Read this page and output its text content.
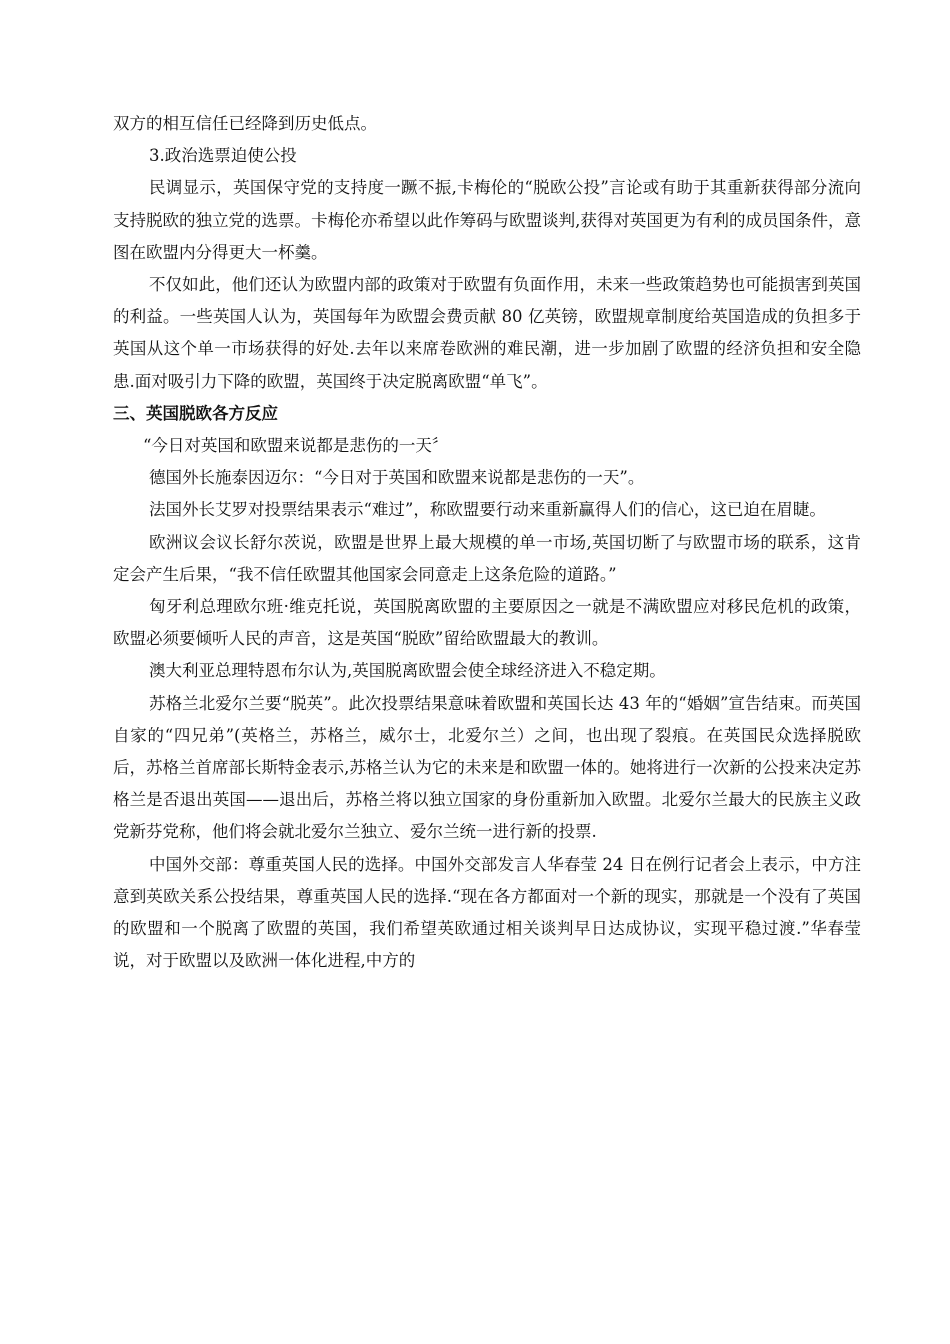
双方的相互信任已经降到历史低点。

3.政治选票迫使公投

民调显示，英国保守党的支持度一蹶不振,卡梅伦的“脱欧公投”言论或有助于其重新获得部分流向支持脱欧的独立党的选票。卡梅伦亦希望以此作筹码与欧盟谈判,获得对英国更为有利的成员国条件，意图在欧盟内分得更大一杯羹。

不仅如此，他们还认为欧盟内部的政策对于欧盟有负面作用，未来一些政策趋势也可能损害到英国的利益。一些英国人认为，英国每年为欧盟会费贡献 80 亿英镑，欧盟规章制度给英国造成的负担多于英国从这个单一市场获得的好处.去年以来席卷欧洲的难民潮，进一步加剧了欧盟的经济负担和安全隐患.面对吸引力下降的欧盟，英国终于决定脱离欧盟“单飞”。

三、英国脱欧各方反应

“今日对英国和欧盟来说都是悲伤的一天〞

德国外长施泰因迈尔：“今日对于英国和欧盟来说都是悲伤的一天”。

法国外长艾罗对投票结果表示“难过”，称欧盟要行动来重新赢得人们的信心，这已迫在眉睫。

欧洲议会议长舒尔茨说，欧盟是世界上最大规模的单一市场,英国切断了与欧盟市场的联系，这肯定会产生后果，“我不信任欧盟其他国家会同意走上这条危险的道路。”

匈牙利总理欧尔班·维克托说，英国脱离欧盟的主要原因之一就是不满欧盟应对移民危机的政策，欧盟必须要倾听人民的声音，这是英国“脱欧”留给欧盟最大的教训。

澳大利亚总理特恩布尔认为,英国脱离欧盟会使全球经济进入不稳定期。

苏格兰北爱尔兰要“脱英”。此次投票结果意味着欧盟和英国长达 43 年的“婚姻”宣告结束。而英国自家的“四兄弟”(英格兰，苏格兰，威尔士，北爱尔兰）之间，也出现了裂痕。在英国民众选择脱欧后，苏格兰首席部长斯特金表示,苏格兰认为它的未来是和欧盟一体的。她将进行一次新的公投来决定苏格兰是否退出英国——退出后，苏格兰将以独立国家的身份重新加入欧盟。北爱尔兰最大的民族主义政党新芬党称，他们将会就北爱尔兰独立、爱尔兰统一进行新的投票.

中国外交部：尊重英国人民的选择。中国外交部发言人华春莹 24 日在例行记者会上表示，中方注意到英欧关系公投结果，尊重英国人民的选择.“现在各方都面对一个新的现实，那就是一个没有了英国的欧盟和一个脱离了欧盟的英国，我们希望英欧通过相关谈判早日达成协议，实现平稳过渡.”华春莹说，对于欧盟以及欧洲一体化进程,中方的
